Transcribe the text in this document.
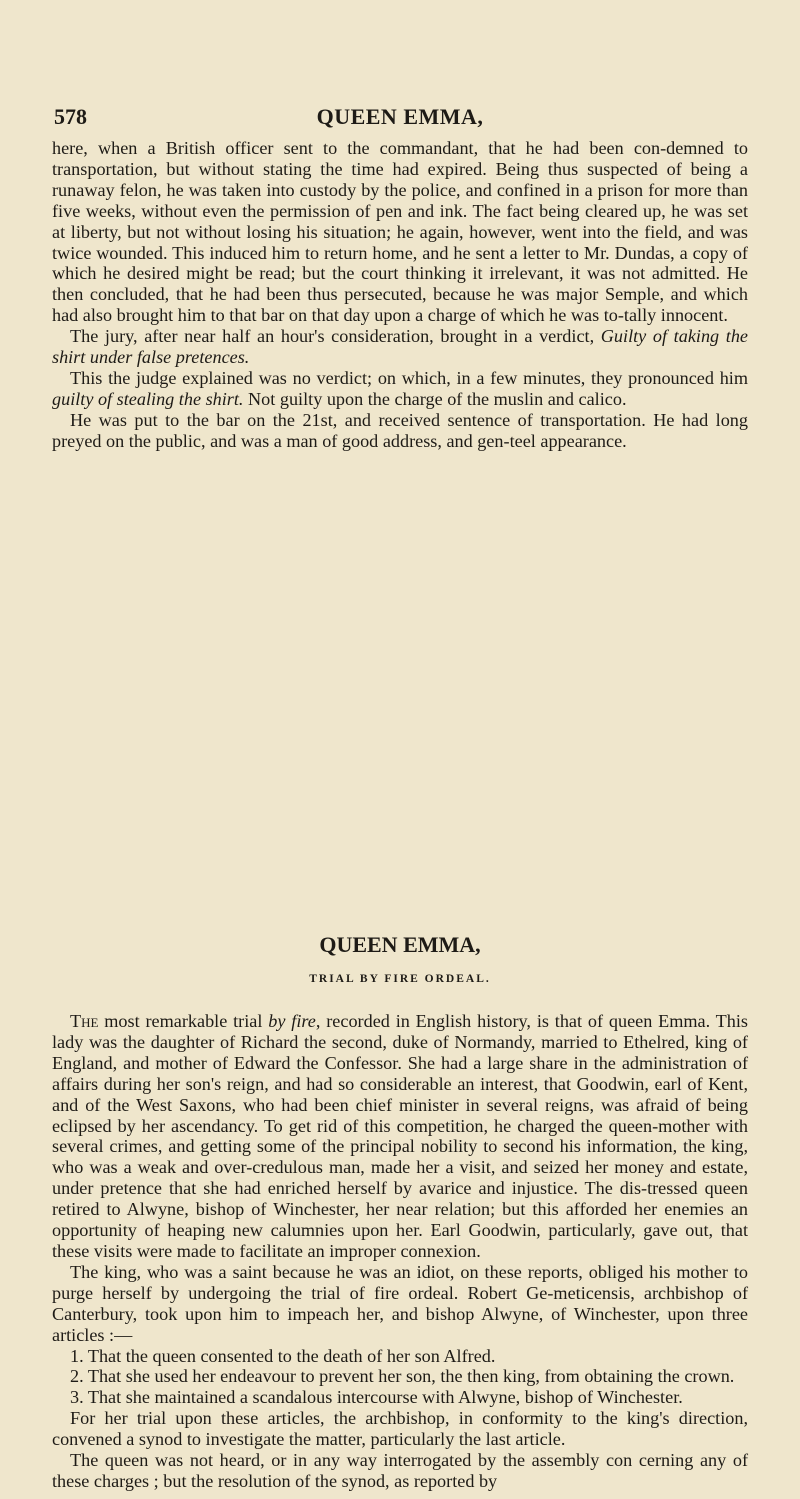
578	QUEEN EMMA,

here, when a British officer sent to the commandant, that he had been con-demned to transportation, but without stating the time had expired. Being thus suspected of being a runaway felon, he was taken into custody by the police, and confined in a prison for more than five weeks, without even the permission of pen and ink. The fact being cleared up, he was set at liberty, but not without losing his situation; he again, however, went into the field, and was twice wounded. This induced him to return home, and he sent a letter to Mr. Dundas, a copy of which he desired might be read; but the court thinking it irrelevant, it was not admitted. He then concluded, that he had been thus persecuted, because he was major Semple, and which had also brought him to that bar on that day upon a charge of which he was to-tally innocent.

The jury, after near half an hour's consideration, brought in a verdict, Guilty of taking the shirt under false pretences.

This the judge explained was no verdict; on which, in a few minutes, they pronounced him guilty of stealing the shirt. Not guilty upon the charge of the muslin and calico.

He was put to the bar on the 21st, and received sentence of transportation. He had long preyed on the public, and was a man of good address, and gen-teel appearance.

QUEEN EMMA,
TRIAL BY FIRE ORDEAL.

The most remarkable trial by fire, recorded in English history, is that of queen Emma. This lady was the daughter of Richard the second, duke of Normandy, married to Ethelred, king of England, and mother of Edward the Confessor. She had a large share in the administration of affairs during her son's reign, and had so considerable an interest, that Goodwin, earl of Kent, and of the West Saxons, who had been chief minister in several reigns, was afraid of being eclipsed by her ascendancy. To get rid of this competition, he charged the queen-mother with several crimes, and getting some of the principal nobility to second his information, the king, who was a weak and over-credulous man, made her a visit, and seized her money and estate, under pretence that she had enriched herself by avarice and injustice. The dis-tressed queen retired to Alwyne, bishop of Winchester, her near relation; but this afforded her enemies an opportunity of heaping new calumnies upon her. Earl Goodwin, particularly, gave out, that these visits were made to facilitate an improper connexion.

The king, who was a saint because he was an idiot, on these reports, obliged his mother to purge herself by undergoing the trial of fire ordeal. Robert Ge-meticensis, archbishop of Canterbury, took upon him to impeach her, and bishop Alwyne, of Winchester, upon three articles :—

1. That the queen consented to the death of her son Alfred.

2. That she used her endeavour to prevent her son, the then king, from obtaining the crown.

3. That she maintained a scandalous intercourse with Alwyne, bishop of Winchester.

For her trial upon these articles, the archbishop, in conformity to the king's direction, convened a synod to investigate the matter, particularly the last article.

The queen was not heard, or in any way interrogated by the assembly con cerning any of these charges ; but the resolution of the synod, as reported by
